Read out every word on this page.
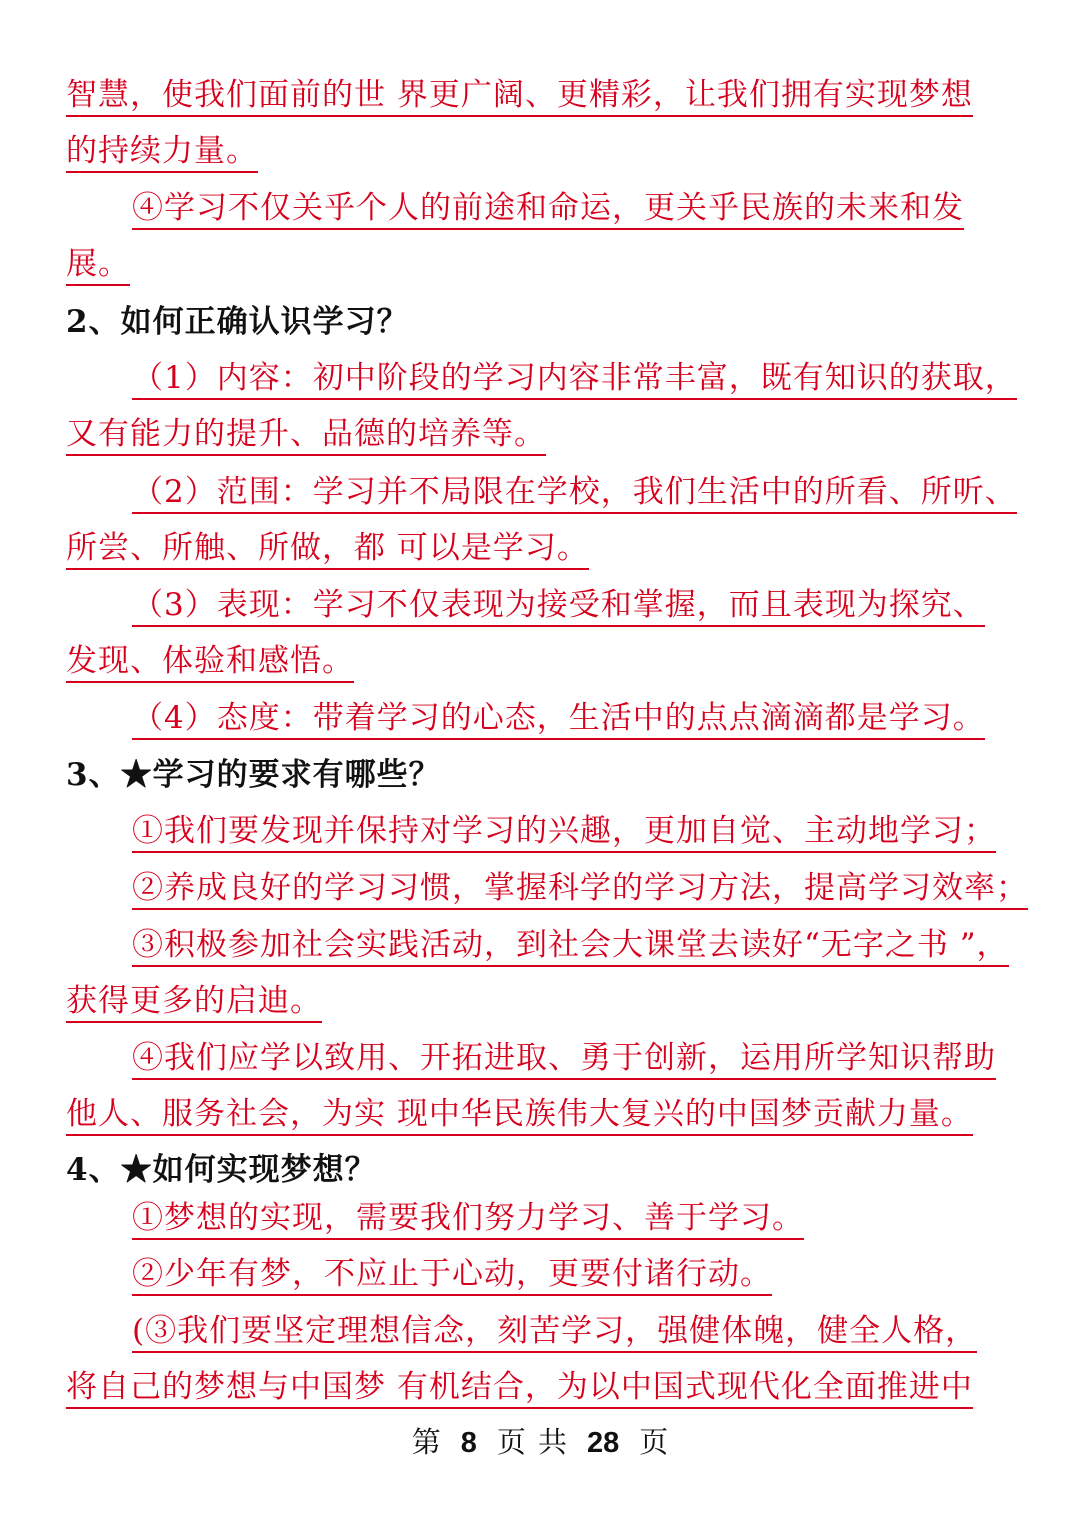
智慧，使我们面前的世 界更广阔、更精彩，让我们拥有实现梦想
的持续力量。
④学习不仅关乎个人的前途和命运，更关乎民族的未来和发
展。
2、如何正确认识学习？
（1）内容：初中阶段的学习内容非常丰富，既有知识的获取，
又有能力的提升、品德的培养等。
（2）范围：学习并不局限在学校，我们生活中的所看、所听、
所尝、所触、所做，都 可以是学习。
（3）表现：学习不仅表现为接受和掌握，而且表现为探究、
发现、体验和感悟。
（4）态度：带着学习的心态，生活中的点点滴滴都是学习。
3、★学习的要求有哪些？
①我们要发现并保持对学习的兴趣，更加自觉、主动地学习；
②养成良好的学习习惯，掌握科学的学习方法，提高学习效率；
③积极参加社会实践活动，到社会大课堂去读好“无字之书 ”，
获得更多的启迪。
④我们应学以致用、开拓进取、勇于创新，运用所学知识帮助
他人、服务社会，为实 现中华民族伟大复兴的中国梦贡献力量。
4、★如何实现梦想？
①梦想的实现，需要我们努力学习、善于学习。
②少年有梦，不应止于心动，更要付诸行动。
(③我们要坚定理想信念，刻苦学习，强健体魄，健全人格，
将自己的梦想与中国梦 有机结合，为以中国式现代化全面推进中
第 8 页 共 28 页
